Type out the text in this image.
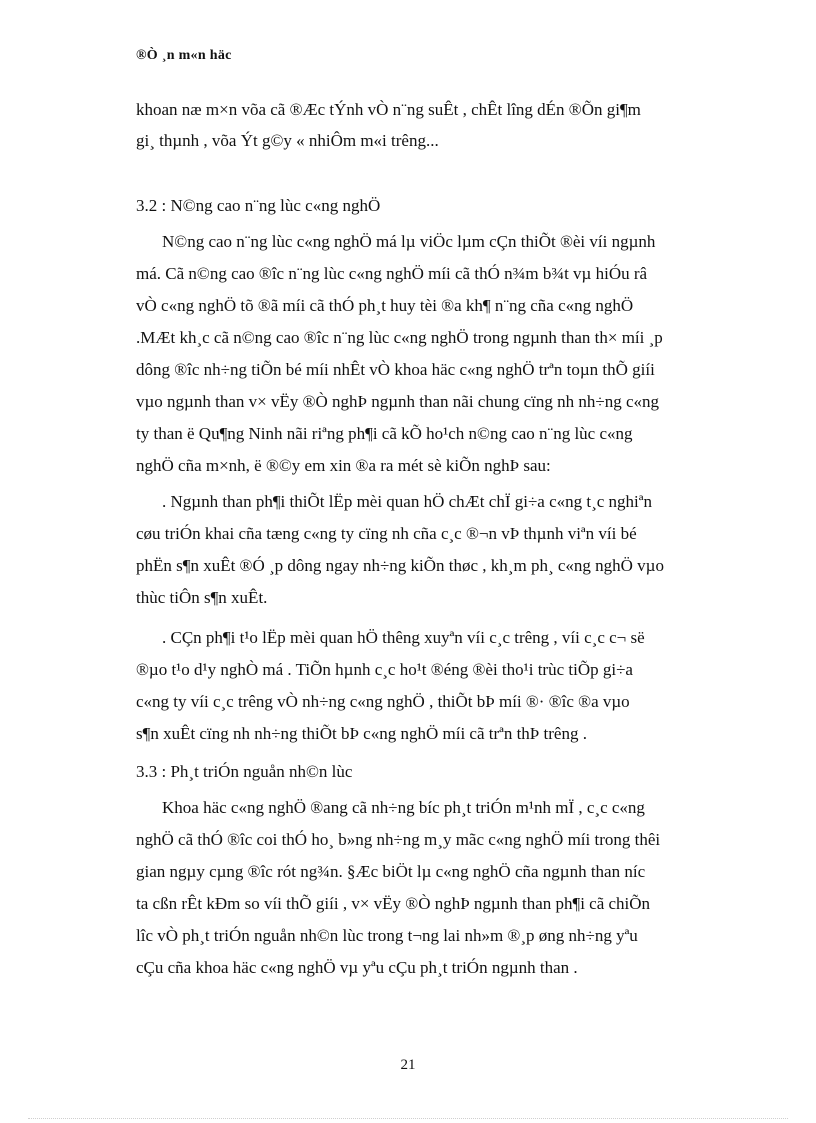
®Ò ¸n m«n häc
khoan næ m×n võa cã ®Æc tÝnh vÒ n¨ng suÊt , chÊt lîng dÉn ®Õn gi¶m
gi¸ thµnh , võa Ýt g©y « nhiÔm m«i trêng...
3.2 : N©ng cao n¨ng lùc c«ng nghÖ
N©ng cao n¨ng lùc c«ng nghÖ má lµ viÖc lµm cÇn thiÕt ®èi víi ngµnh
má. Cã n©ng cao ®îc n¨ng lùc c«ng nghÖ míi cã thÓ n¾m b¾t vµ hiÓu râ
vÒ c«ng nghÖ tõ ®ã míi cã thÓ ph¸t huy tèi ®a kh¶ n¨ng cña c«ng nghÖ
.MÆt kh¸c cã n©ng cao ®îc n¨ng lùc c«ng nghÖ trong ngµnh than th× míi ¸p
dông ®îc nh÷ng tiÕn bé míi nhÊt vÒ khoa häc c«ng nghÖ trªn toµn thÕ giíi
vµo ngµnh than v× vËy ®Ò nghÞ ngµnh than nãi chung cïng nh nh÷ng c«ng
ty than ë Qu¶ng Ninh nãi riªng ph¶i cã kÕ ho¹ch n©ng cao n¨ng lùc c«ng
nghÖ cña m×nh, ë ®©y em xin ®a ra mét sè kiÕn nghÞ sau:
. Ngµnh than ph¶i thiÕt lËp mèi quan hÖ chÆt chÏ gi÷a c«ng t¸c nghiªn
cøu triÓn khai cña tæng c«ng ty cïng nh cña c¸c ®¬n vÞ thµnh viªn víi bé
phËn s¶n xuÊt ®Ó ¸p dông ngay nh÷ng kiÕn thøc , kh¸m ph¸ c«ng nghÖ vµo
thùc tiÔn s¶n xuÊt.
. CÇn ph¶i t¹o lËp mèi quan hÖ thêng xuyªn víi c¸c trêng , víi c¸c c¬ së
®µo t¹o d¹y nghÒ má . TiÕn hµnh c¸c ho¹t ®éng ®èi tho¹i trùc tiÕp gi÷a
c«ng ty víi c¸c trêng vÒ nh÷ng c«ng nghÖ , thiÕt bÞ míi ®· ®îc ®a vµo
s¶n xuÊt cïng nh nh÷ng thiÕt bÞ c«ng nghÖ míi cã trªn thÞ trêng .
3.3 : Ph¸t triÓn nguån nh©n lùc
Khoa häc c«ng nghÖ ®ang cã nh÷ng bíc ph¸t triÓn m¹nh mÏ , c¸c c«ng
nghÖ cã thÓ ®îc coi thÓ ho¸ b»ng nh÷ng m¸y mãc c«ng nghÖ míi trong thêi
gian ngµy cµng ®îc rót ng¾n. §Æc biÖt lµ c«ng nghÖ cña ngµnh than níc
ta cßn rÊt kÐm so víi thÕ giíi , v× vËy ®Ò nghÞ ngµnh than ph¶i cã chiÕn
lîc vÒ ph¸t triÓn nguån nh©n lùc trong t¬ng lai nh»m ®¸p øng nh÷ng yªu
cÇu cña khoa häc c«ng nghÖ vµ yªu cÇu ph¸t triÓn ngµnh than .
21
